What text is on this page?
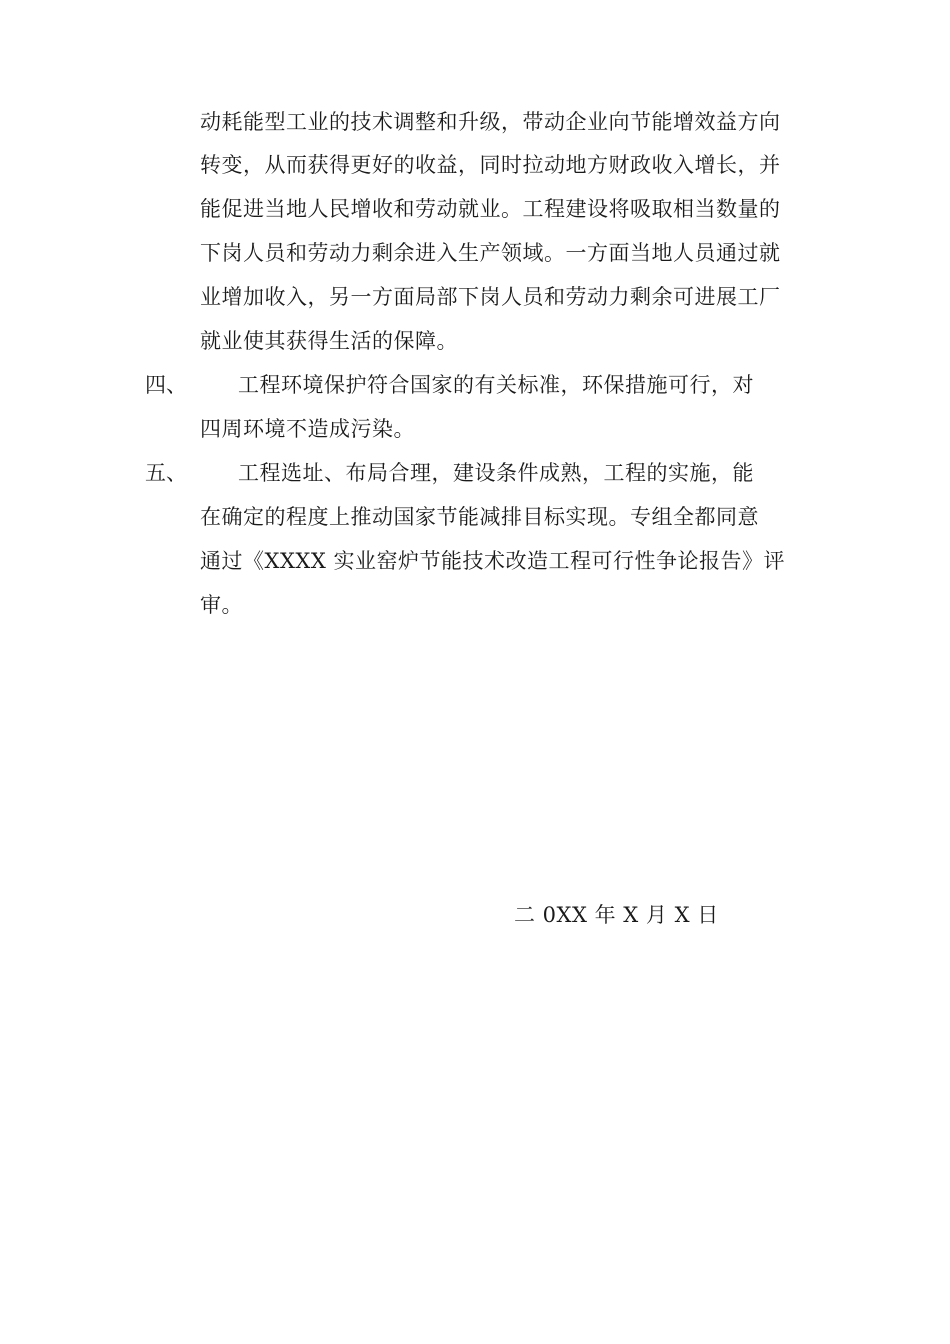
动耗能型工业的技术调整和升级，带动企业向节能增效益方向
转变，从而获得更好的收益，同时拉动地方财政收入增长，并
能促进当地人民增收和劳动就业。工程建设将吸取相当数量的
下岗人员和劳动力剩余进入生产领域。一方面当地人员通过就
业增加收入，另一方面局部下岗人员和劳动力剩余可进展工厂
就业使其获得生活的保障。
四、 工程环境保护符合国家的有关标准，环保措施可行，对
四周环境不造成污染。
五、 工程选址、布局合理，建设条件成熟，工程的实施，能
在确定的程度上推动国家节能减排目标实现。专组全都同意
通过《XXXX 实业窑炉节能技术改造工程可行性争论报告》评
审。
二 0XX 年 X 月 X 日
